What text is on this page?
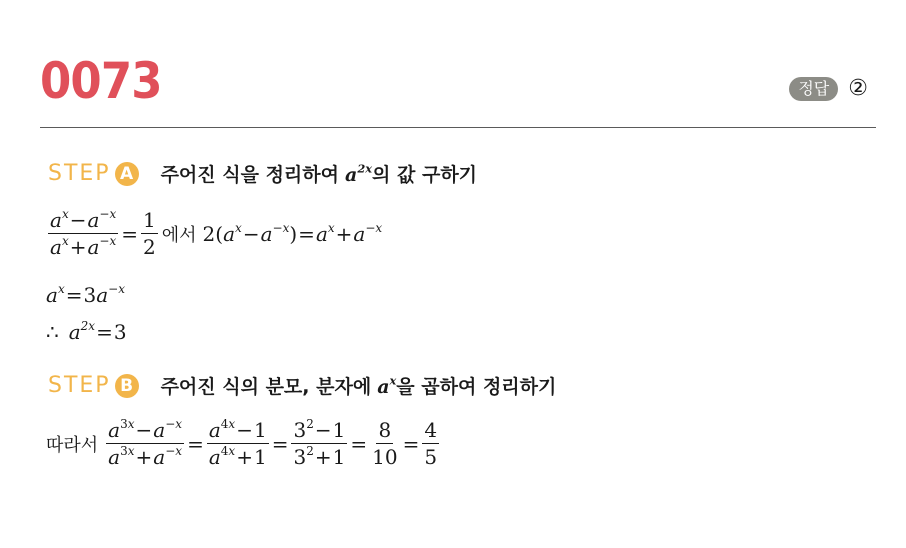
0073	정답 ②
STEP A 주어진 식을 정리하여 $a^{2x}$ 의 값 구하기
$\frac{a^x-a^{-x}}{a^x+a^{-x}} = \frac{1}{2}$ 에서 $2(a^x-a^{-x})=a^x+a^{-x}$
$a^x=3a^{-x}$
∴ $a^{2x}=3$
STEP B 주어진 식의 분모, 분자에 $a^x$ 을 곱하여 정리하기
따라서 $\frac{a^{3x}-a^{-x}}{a^{3x}+a^{-x}} = \frac{a^{4x}-1}{a^{4x}+1} = \frac{3^2-1}{3^2+1} = \frac{8}{10} = \frac{4}{5}$
